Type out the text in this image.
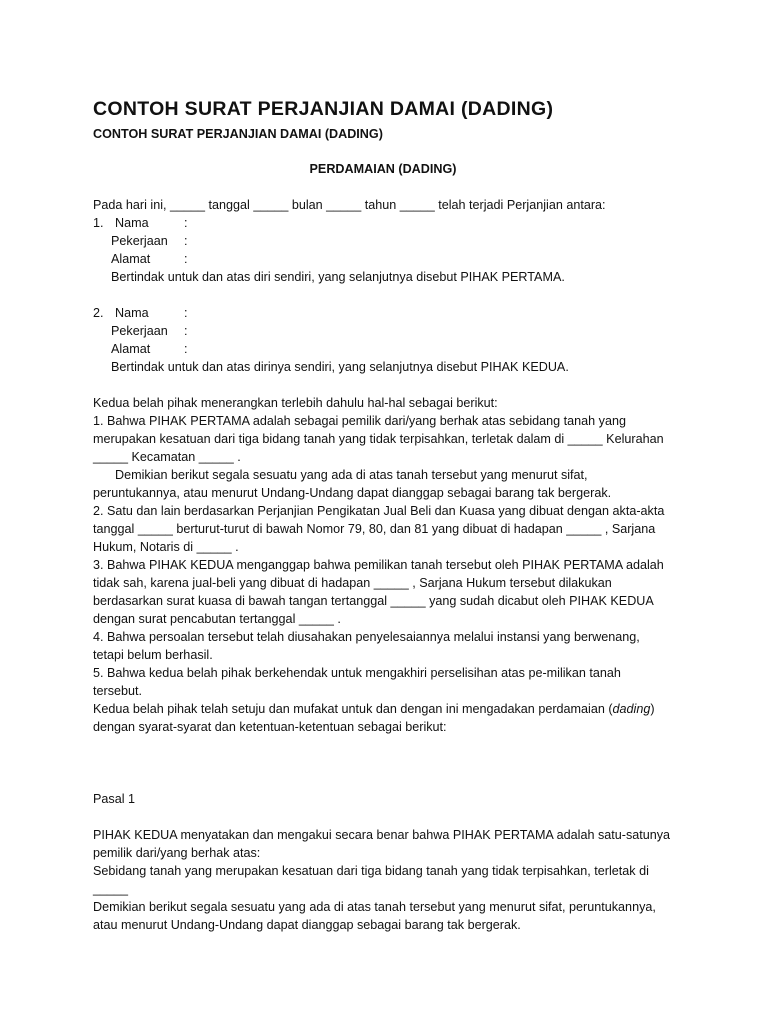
CONTOH SURAT PERJANJIAN DAMAI (DADING)

CONTOH SURAT PERJANJIAN DAMAI (DADING)

PERDAMAIAN (DADING)

Pada hari ini, _____ tanggal _____ bulan _____ tahun _____ telah terjadi Perjanjian antara:

1. Nama	:
Pekerjaan	:
Alamat	:

Bertindak untuk dan atas diri sendiri, yang selanjutnya disebut PIHAK PERTAMA.

2. Nama	:
Pekerjaan	:
Alamat	:

Bertindak untuk dan atas dirinya sendiri, yang selanjutnya disebut PIHAK KEDUA.

Kedua belah pihak menerangkan terlebih dahulu hal-hal sebagai berikut:

1. Bahwa PIHAK PERTAMA adalah sebagai pemilik dari/yang berhak atas sebidang tanah yang merupakan kesatuan dari tiga bidang tanah yang tidak terpisahkan, terletak dalam di _____ Kelurahan _____ Kecamatan _____ .

Demikian berikut segala sesuatu yang ada di atas tanah tersebut yang menurut sifat, peruntukannya, atau menurut Undang-Undang dapat dianggap sebagai barang tak bergerak.

2. Satu dan lain berdasarkan Perjanjian Pengikatan Jual Beli dan Kuasa yang dibuat dengan akta-akta tanggal _____ berturut-turut di bawah Nomor 79, 80, dan 81 yang dibuat di hadapan _____ , Sarjana Hukum, Notaris di _____ .

3. Bahwa PIHAK KEDUA menganggap bahwa pemilikan tanah tersebut oleh PIHAK PERTAMA adalah tidak sah, karena jual-beli yang dibuat di hadapan _____ , Sarjana Hukum tersebut dilakukan berdasarkan surat kuasa di bawah tangan tertanggal _____ yang sudah dicabut oleh PIHAK KEDUA dengan surat pencabutan tertanggal _____ .

4. Bahwa persoalan tersebut telah diusahakan penyelesaiannya melalui instansi yang berwenang, tetapi belum berhasil.

5. Bahwa kedua belah pihak berkehendak untuk mengakhiri perselisihan atas pe-milikan tanah tersebut.

Kedua belah pihak telah setuju dan mufakat untuk dan dengan ini mengadakan perdamaian (dading) dengan syarat-syarat dan ketentuan-ketentuan sebagai berikut:

Pasal 1

PIHAK KEDUA menyatakan dan mengakui secara benar bahwa PIHAK PERTAMA adalah satu-satunya pemilik dari/yang berhak atas:

Sebidang tanah yang merupakan kesatuan dari tiga bidang tanah yang tidak terpisahkan, terletak di _____

Demikian berikut segala sesuatu yang ada di atas tanah tersebut yang menurut sifat, peruntukannya, atau menurut Undang-Undang dapat dianggap sebagai barang tak bergerak.
